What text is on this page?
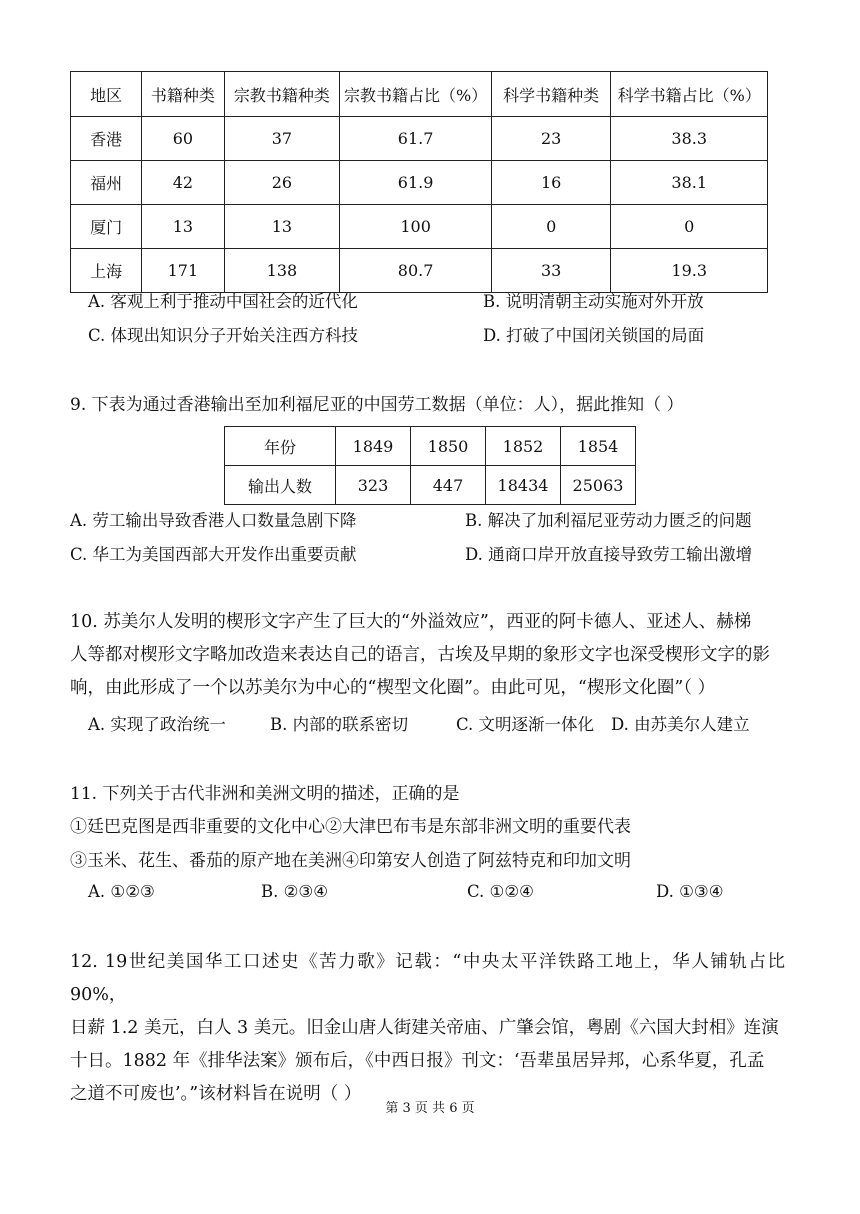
地区	书籍种类	宗教书籍种类	宗教书籍占比（%）	科学书籍种类	科学书籍占比（%）
香港	60	37	61.7	23	38.3
福州	42	26	61.9	16	38.1
厦门	13	13	100	0	0
上海	171	138	80.7	33	19.3
A. 客观上利于推动中国社会的近代化	B. 说明清朝主动实施对外开放
C. 体现出知识分子开始关注西方科技	D. 打破了中国闭关锁国的局面
9. 下表为通过香港输出至加利福尼亚的中国劳工数据（单位：人），据此推知（ ）
年份	1849	1850	1852	1854
输出人数	323	447	18434	25063
A. 劳工输出导致香港人口数量急剧下降	B. 解决了加利福尼亚劳动力匮乏的问题
C. 华工为美国西部大开发作出重要贡献	D. 通商口岸开放直接导致劳工输出激增
10. 苏美尔人发明的楔形文字产生了巨大的“外溢效应”，西亚的阿卡德人、亚述人、赫梯
人等都对楔形文字略加改造来表达自己的语言，古埃及早期的象形文字也深受楔形文字的影
响，由此形成了一个以苏美尔为中心的“楔型文化圈”。由此可见，“楔形文化圈”（ ）
A. 实现了政治统一	B. 内部的联系密切	C. 文明逐渐一体化 D. 由苏美尔人建立
11. 下列关于古代非洲和美洲文明的描述，正确的是
①廷巴克图是西非重要的文化中心②大津巴布韦是东部非洲文明的重要代表
③玉米、花生、番茄的原产地在美洲④印第安人创造了阿兹特克和印加文明
A. ①②③	B. ②③④	C. ①②④	D. ①③④
12. 19世纪美国华工口述史《苦力歌》记载：“中央太平洋铁路工地上，华人铺轨占比90%，
日薪 1.2 美元，白人 3 美元。旧金山唐人街建关帝庙、广肇会馆，粤剧《六国大封相》连演
十日。1882 年《排华法案》颁布后，《中西日报》刊文：‘吾辈虽居异邦，心系华夏，孔孟
之道不可废也’。”该材料旨在说明（ ）
第 3 页 共 6 页
